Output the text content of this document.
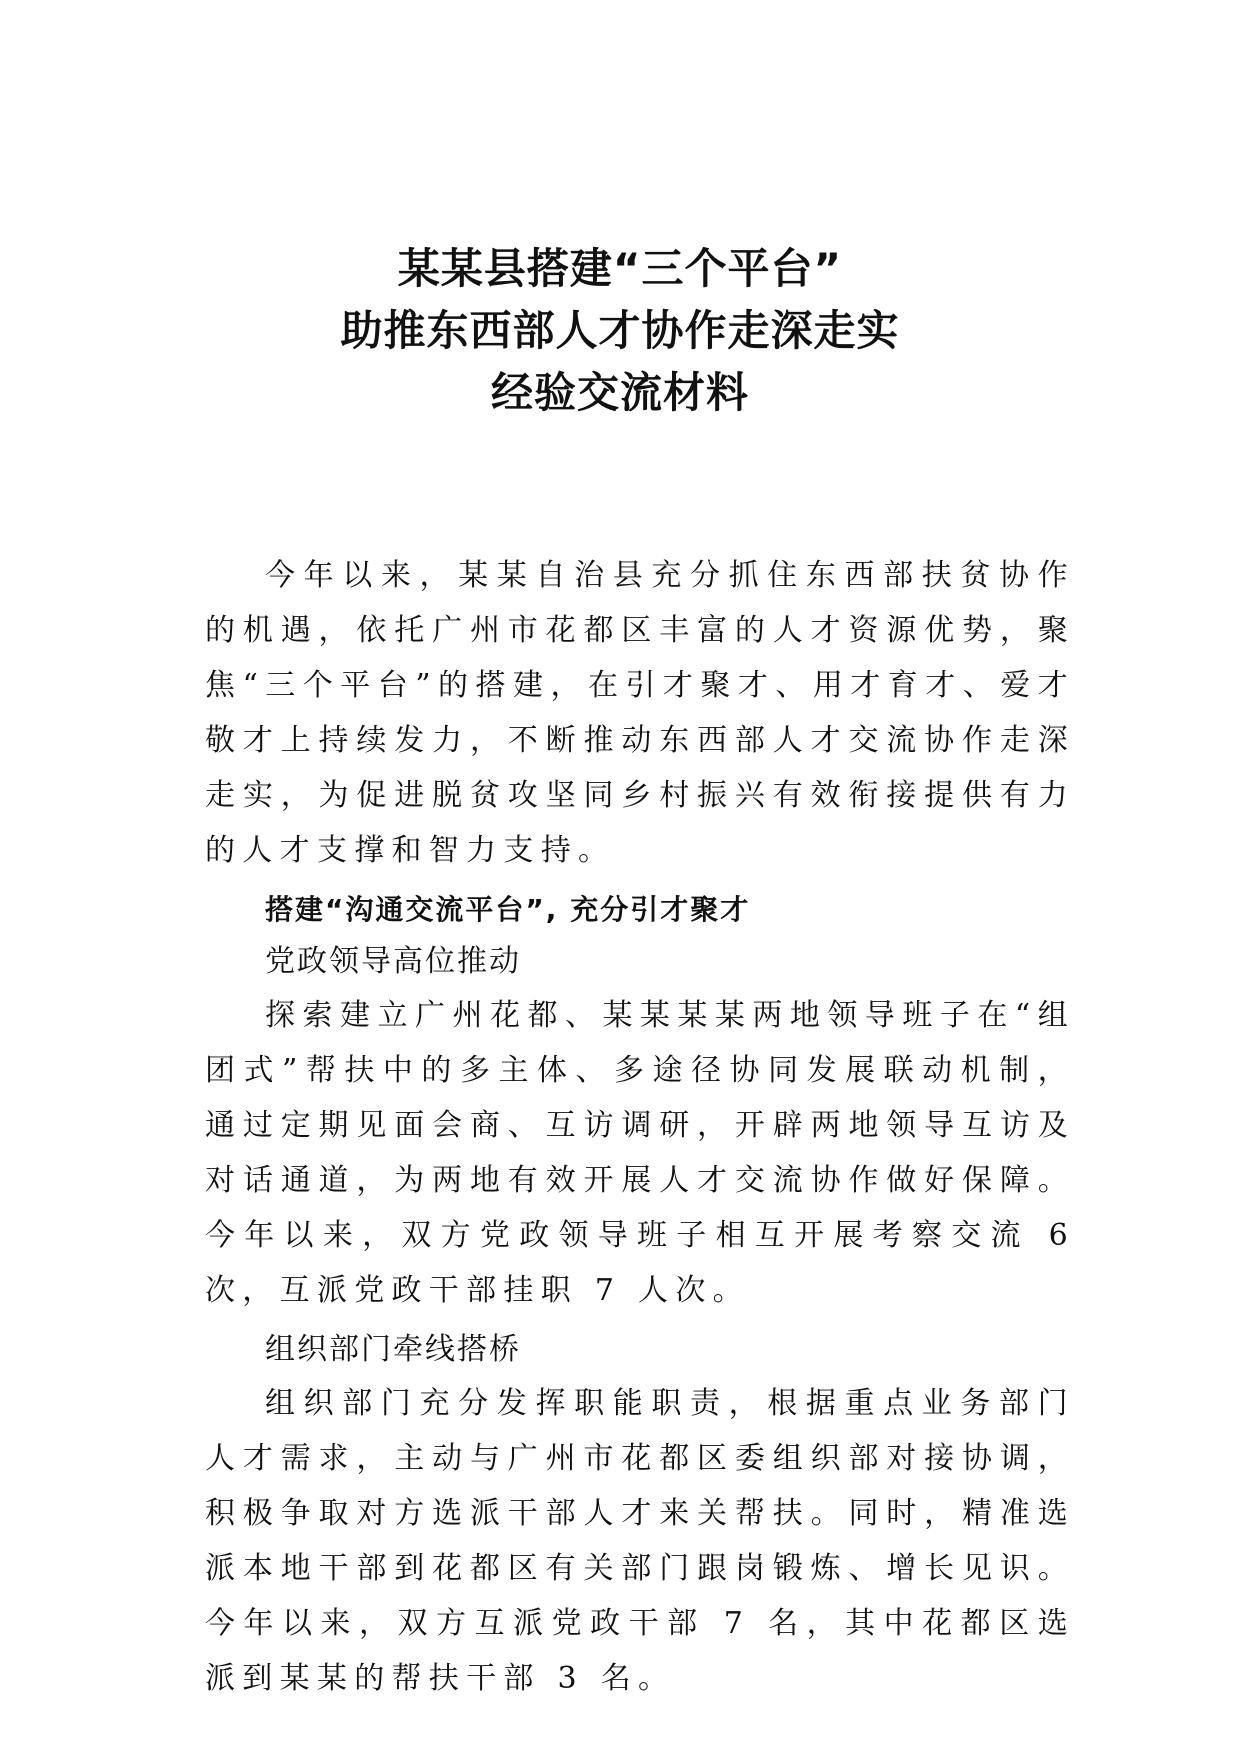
某某县搭建“三个平台”
助推东西部人才协作走深走实
经验交流材料

今年以来，某某自治县充分抓住东西部扶贫协作的机遇，依托广州市花都区丰富的人才资源优势，聚焦“三个平台”的搭建，在引才聚才、用才育才、爱才敬才上持续发力，不断推动东西部人才交流协作走深走实，为促进脱贫攻坚同乡村振兴有效衔接提供有力的人才支撑和智力支持。

搭建“沟通交流平台”, 充分引才聚才

党政领导高位推动

探索建立广州花都、某某某某两地领导班子在“组团式”帮扶中的多主体、多途径协同发展联动机制，通过定期见面会商、互访调研，开辟两地领导互访及对话通道，为两地有效开展人才交流协作做好保障。今年以来，双方党政领导班子相互开展考察交流 6 次，互派党政干部挂职 7 人次。

组织部门牵线搭桥

组织部门充分发挥职能职责，根据重点业务部门人才需求，主动与广州市花都区委组织部对接协调，积极争取对方选派干部人才来关帮扶。同时，精准选派本地干部到花都区有关部门跟岗锻炼、增长见识。今年以来，双方互派党政干部 7 名，其中花都区选派到某某的帮扶干部 3 名。
